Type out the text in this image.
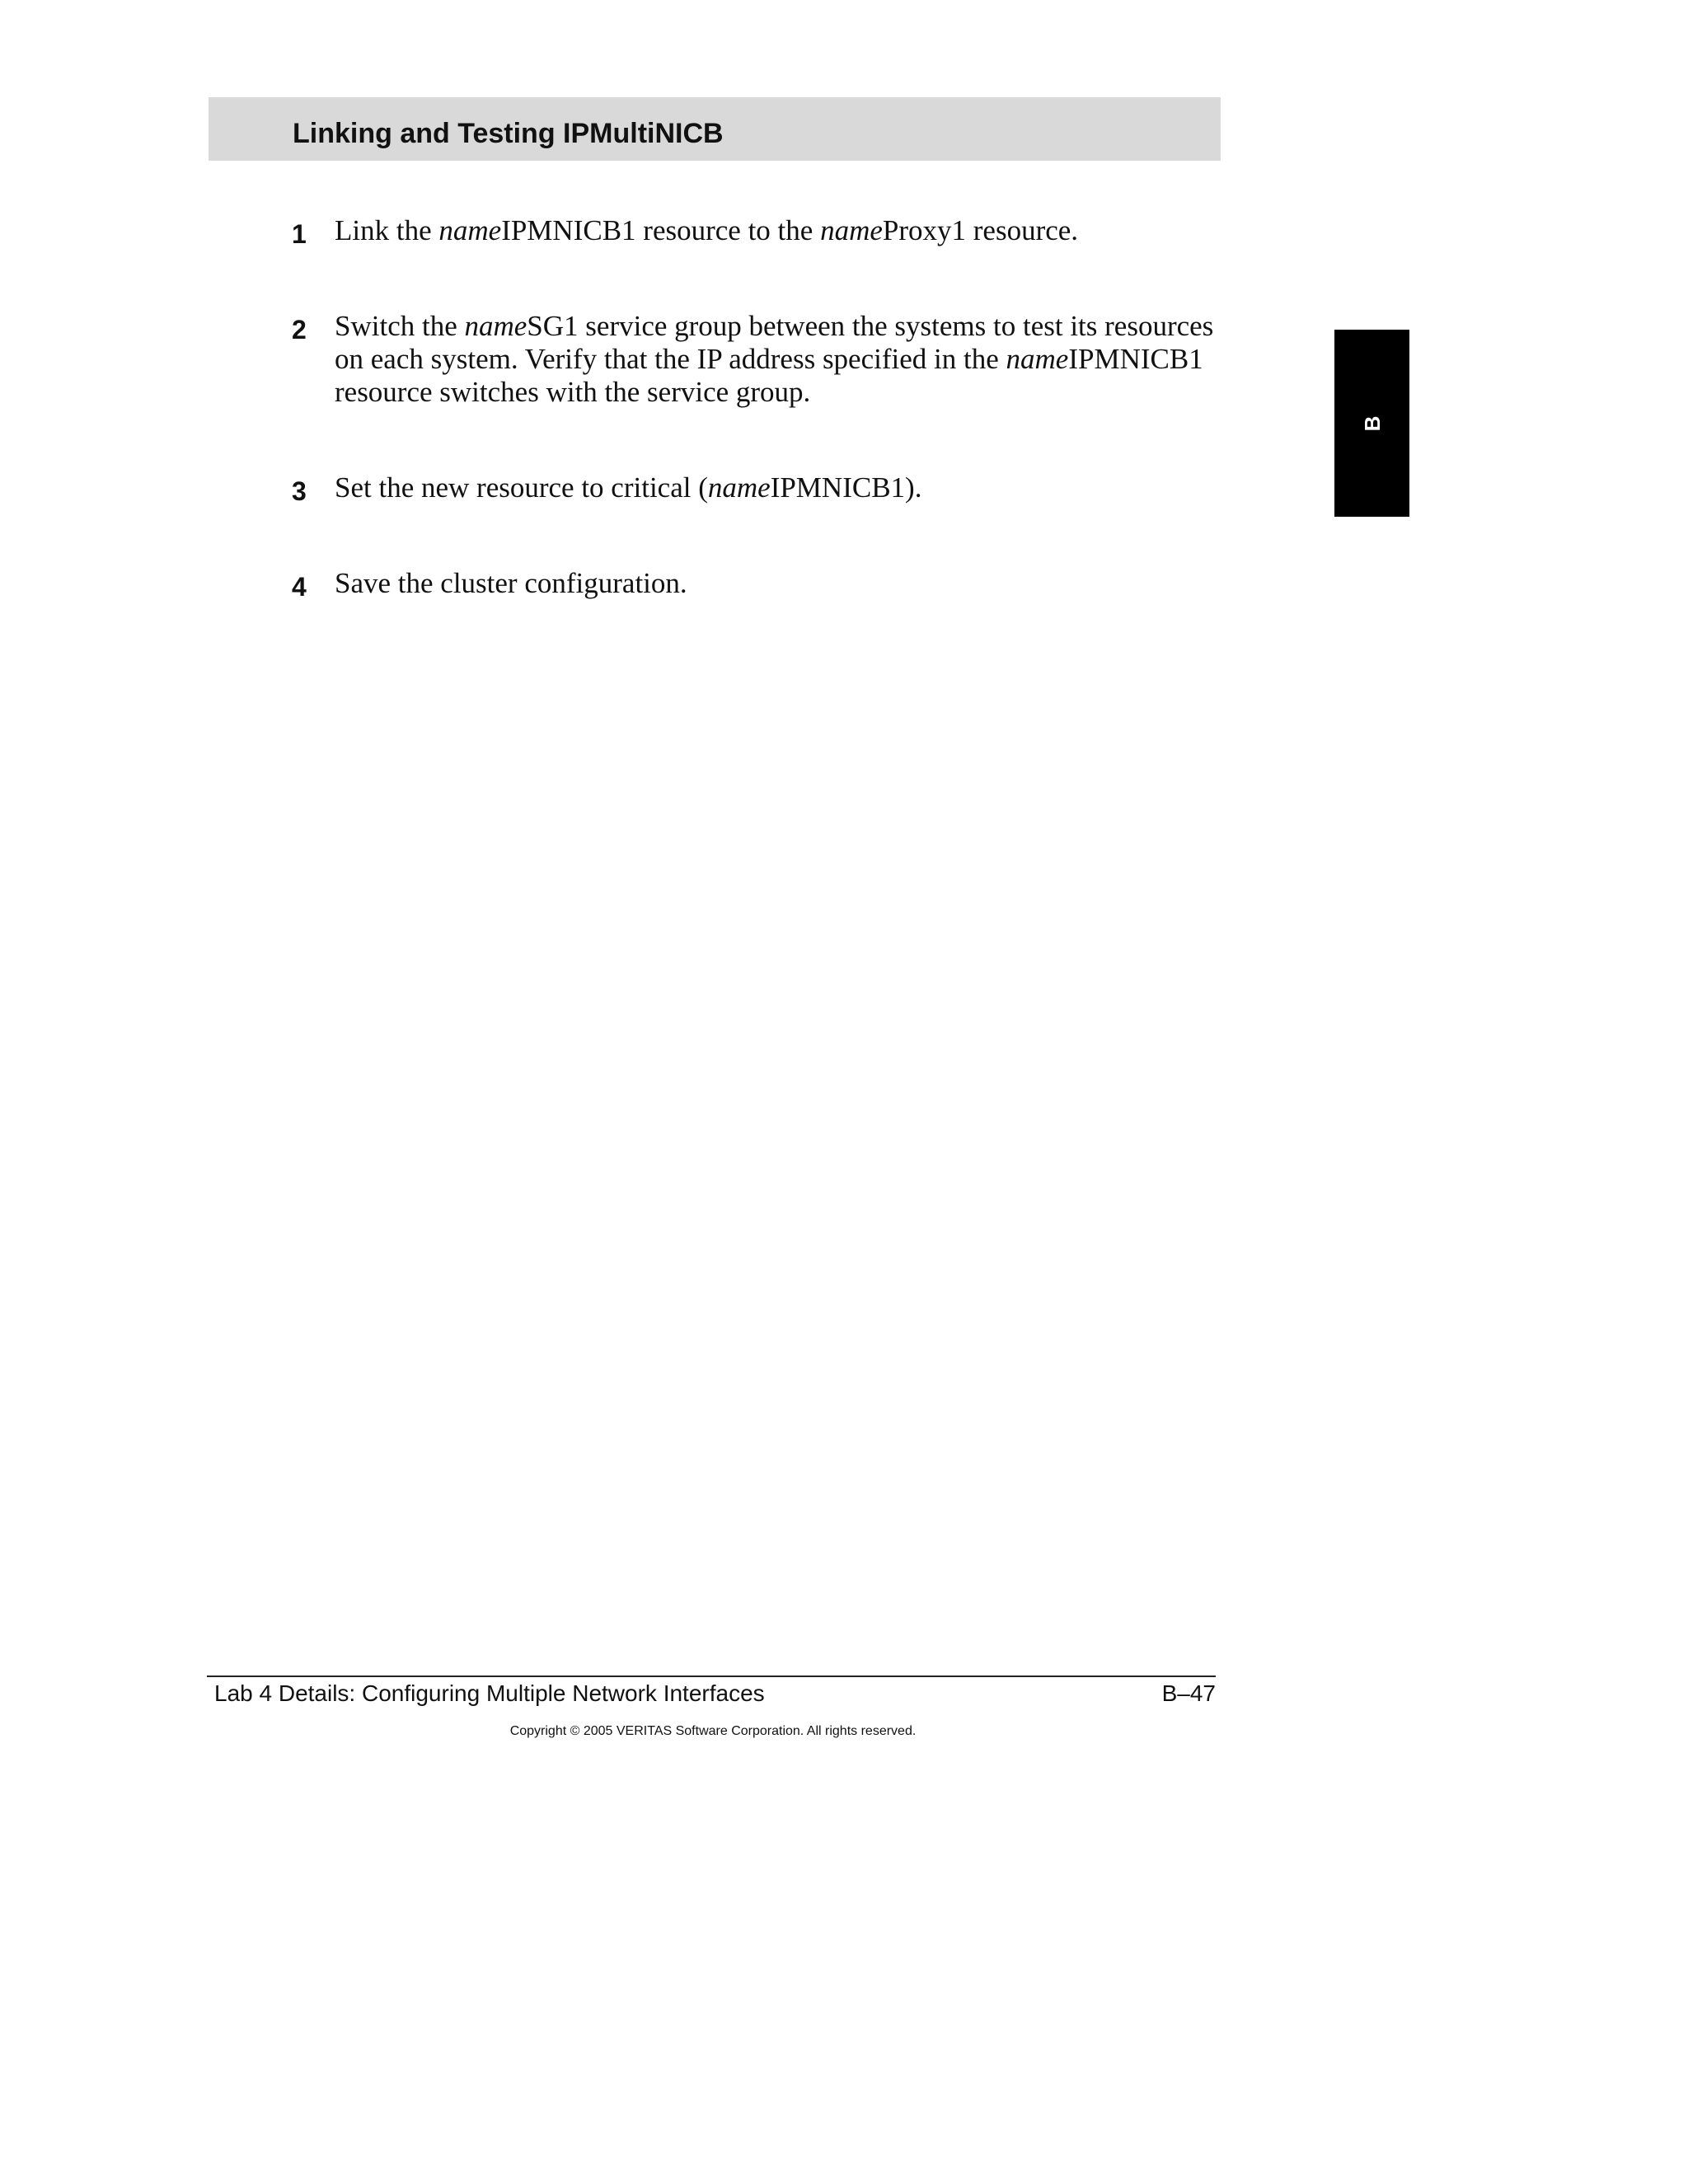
Linking and Testing IPMultiNICB
1 Link the nameIPMNICB1 resource to the nameProxy1 resource.
2 Switch the nameSG1 service group between the systems to test its resources on each system. Verify that the IP address specified in the nameIPMNICB1 resource switches with the service group.
3 Set the new resource to critical (nameIPMNICB1).
4 Save the cluster configuration.
B
Lab 4 Details: Configuring Multiple Network Interfaces	B–47
Copyright © 2005 VERITAS Software Corporation. All rights reserved.
